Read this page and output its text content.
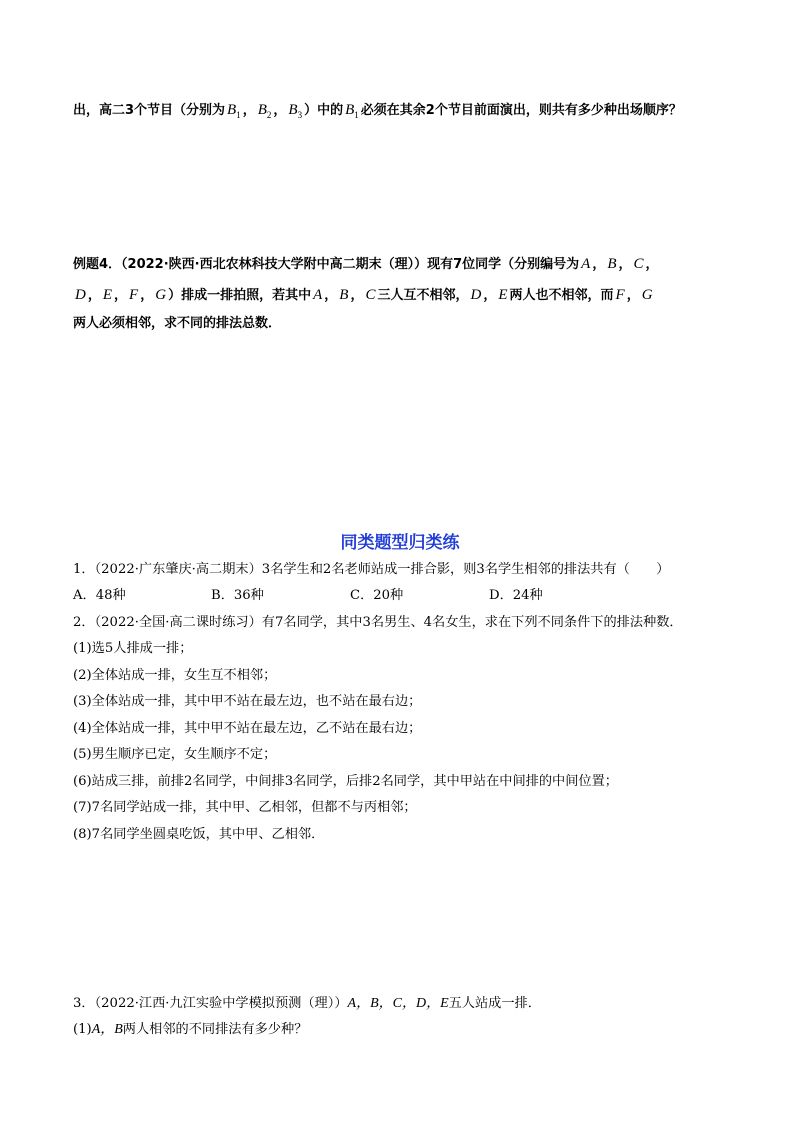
出，高二3个节目（分别为 $B_1$ ， $B_2$ ， $B_3$ ）中的 $B_1$ 必须在其余2个节目前面演出，则共有多少种出场顺序？
例题4．（2022·陕西·西北农林科技大学附中高二期末（理））现有7位同学（分别编号为 A ， B ， C ，
D ， E ， F ， G ）排成一排拍照，若其中 A ， B ， C 三人互不相邻， D ， E 两人也不相邻，而 F ， G
两人必须相邻，求不同的排法总数．
同类题型归类练
1．（2022·广东肇庆·高二期末）3名学生和2名老师站成一排合影，则3名学生相邻的排法共有（　　）
A．48种	B．36种	C．20种	D．24种
2．（2022·全国·高二课时练习）有7名同学，其中3名男生、4名女生，求在下列不同条件下的排法种数．
(1)选5人排成一排；
(2)全体站成一排，女生互不相邻；
(3)全体站成一排，其中甲不站在最左边，也不站在最右边；
(4)全体站成一排，其中甲不站在最左边，乙不站在最右边；
(5)男生顺序已定，女生顺序不定；
(6)站成三排，前排2名同学，中间排3名同学，后排2名同学，其中甲站在中间排的中间位置；
(7)7名同学站成一排，其中甲、乙相邻，但都不与丙相邻；
(8)7名同学坐圆桌吃饭，其中甲、乙相邻．
3．（2022·江西·九江实验中学模拟预测（理））A，B，C，D，E五人站成一排．
(1)A，B两人相邻的不同排法有多少种？
